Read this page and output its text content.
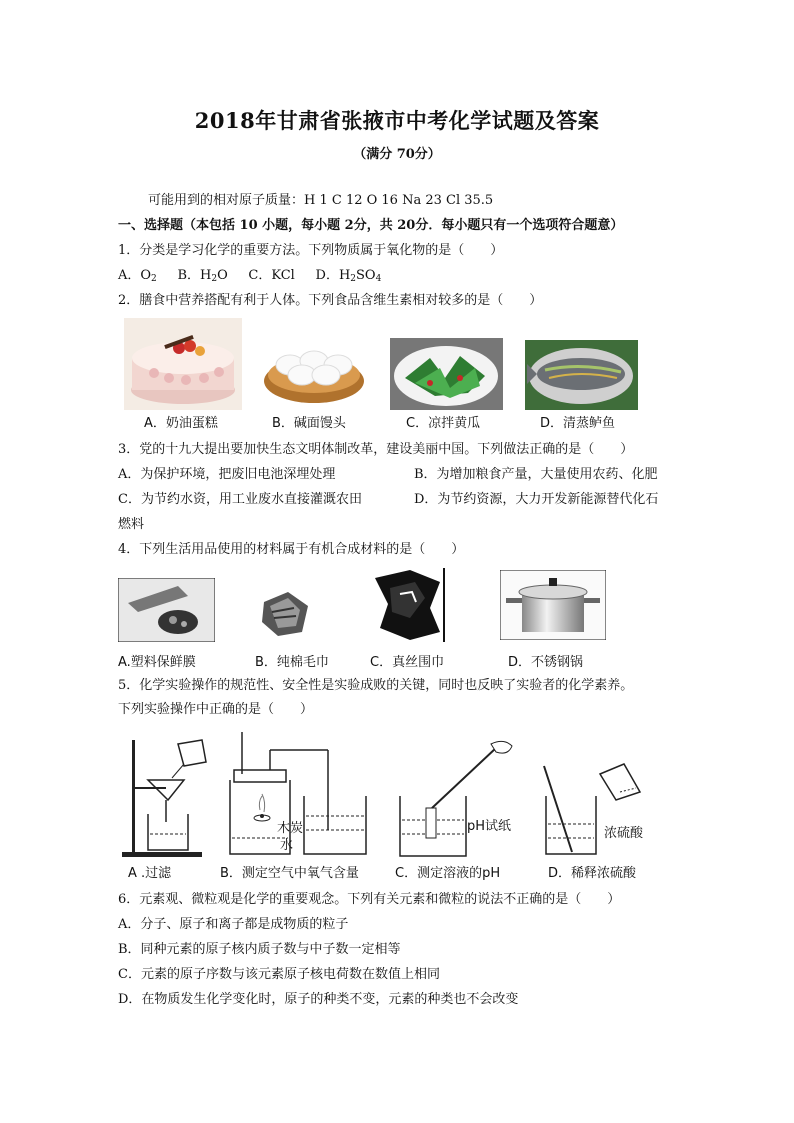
2018年甘肃省张掖市中考化学试题及答案
（满分 70分）
可能用到的相对原子质量：H 1 C 12 O 16 Na 23 Cl 35.5
一、选择题（本包括 10 小题，每小题 2分，共 20分．每小题只有一个选项符合题意）
1．分类是学习化学的重要方法。下列物质属于氧化物的是（　　）
A．$O_2$ B．$H_2O$ C．KCl D．$H_2SO_4$
2．膳食中营养搭配有利于人体。下列食品含维生素相对较多的是（　　）
A．奶油蛋糕	B．碱面馒头	C．凉拌黄瓜	D．清蒸鲈鱼
3．党的十九大提出要加快生态文明体制改革，建设美丽中国。下列做法正确的是（　　）
A．为保护环境，把废旧电池深埋处理	B．为增加粮食产量，大量使用农药、化肥
C．为节约水资，用工业废水直接灌溉农田	D．为节约资源，大力开发新能源替代化石
燃料
4．下列生活用品使用的材料属于有机合成材料的是（　　）
A.塑料保鲜膜	B．纯棉毛巾	C．真丝围巾	D．不锈钢锅
5．化学实验操作的规范性、安全性是实验成败的关键，同时也反映了实验者的化学素养。
下列实验操作中正确的是（　　）
A .过滤
木炭
水
B．测定空气中氧气含量
pH试纸
C．测定溶液的pH
浓硫酸
D．稀释浓硫酸
6．元素观、微粒观是化学的重要观念。下列有关元素和微粒的说法不正确的是（　　）
A．分子、原子和离子都是成物质的粒子
B．同种元素的原子核内质子数与中子数一定相等
C．元素的原子序数与该元素原子核电荷数在数值上相同
D．在物质发生化学变化时，原子的种类不变，元素的种类也不会改变
